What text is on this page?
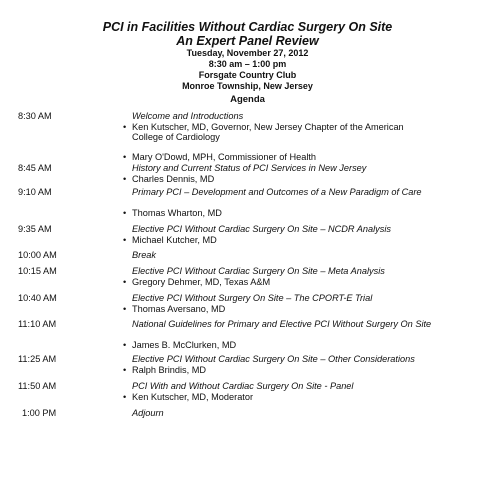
PCI in Facilities Without Cardiac Surgery On Site
An Expert Panel Review
Tuesday, November 27, 2012
8:30 am – 1:00 pm
Forsgate Country Club
Monroe Township, New Jersey
Agenda
8:30 AM	Welcome and Introductions
• Ken Kutscher, MD, Governor, New Jersey Chapter of the American College of Cardiology
• Mary O'Dowd, MPH, Commissioner of Health
8:45 AM	History and Current Status of PCI Services in New Jersey
• Charles Dennis, MD
9:10 AM	Primary PCI – Development and Outcomes of a New Paradigm of Care
• Thomas Wharton, MD
9:35 AM	Elective PCI Without Cardiac Surgery On Site – NCDR Analysis
• Michael Kutcher, MD
10:00 AM	Break
10:15 AM	Elective PCI Without Cardiac Surgery On Site – Meta Analysis
• Gregory Dehmer, MD, Texas A&M
10:40 AM	Elective PCI Without Surgery On Site – The CPORT-E Trial
• Thomas Aversano, MD
11:10 AM	National Guidelines for Primary and Elective PCI Without Surgery On Site
• James B. McClurken, MD
11:25 AM	Elective PCI Without Cardiac Surgery On Site – Other Considerations
• Ralph Brindis, MD
11:50 AM	PCI With and Without Cardiac Surgery On Site - Panel
• Ken Kutscher, MD, Moderator
1:00 PM	Adjourn
